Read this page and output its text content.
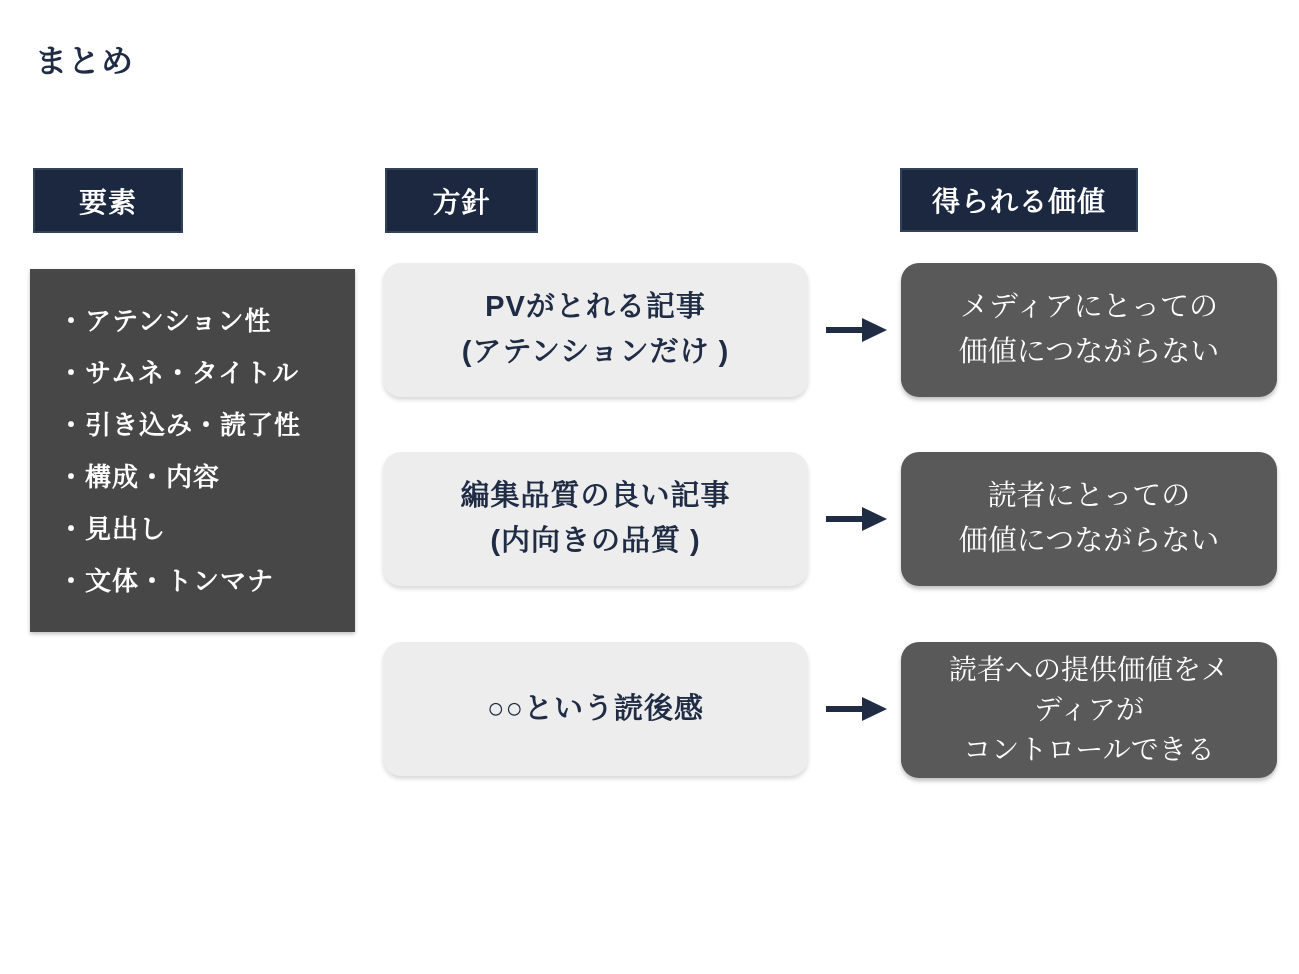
まとめ
要素	方針	得られる価値
・アテンション性
・サムネ・タイトル
・引き込み・読了性
・構成・内容
・見出し
・文体・トンマナ
PVがとれる記事
(アテンションだけ )
メディアにとっての
価値につながらない
編集品質の良い記事
(内向きの品質 )
読者にとっての
価値につながらない
○○という読後感
読者への提供価値をメ
ディアが
コントロールできる
